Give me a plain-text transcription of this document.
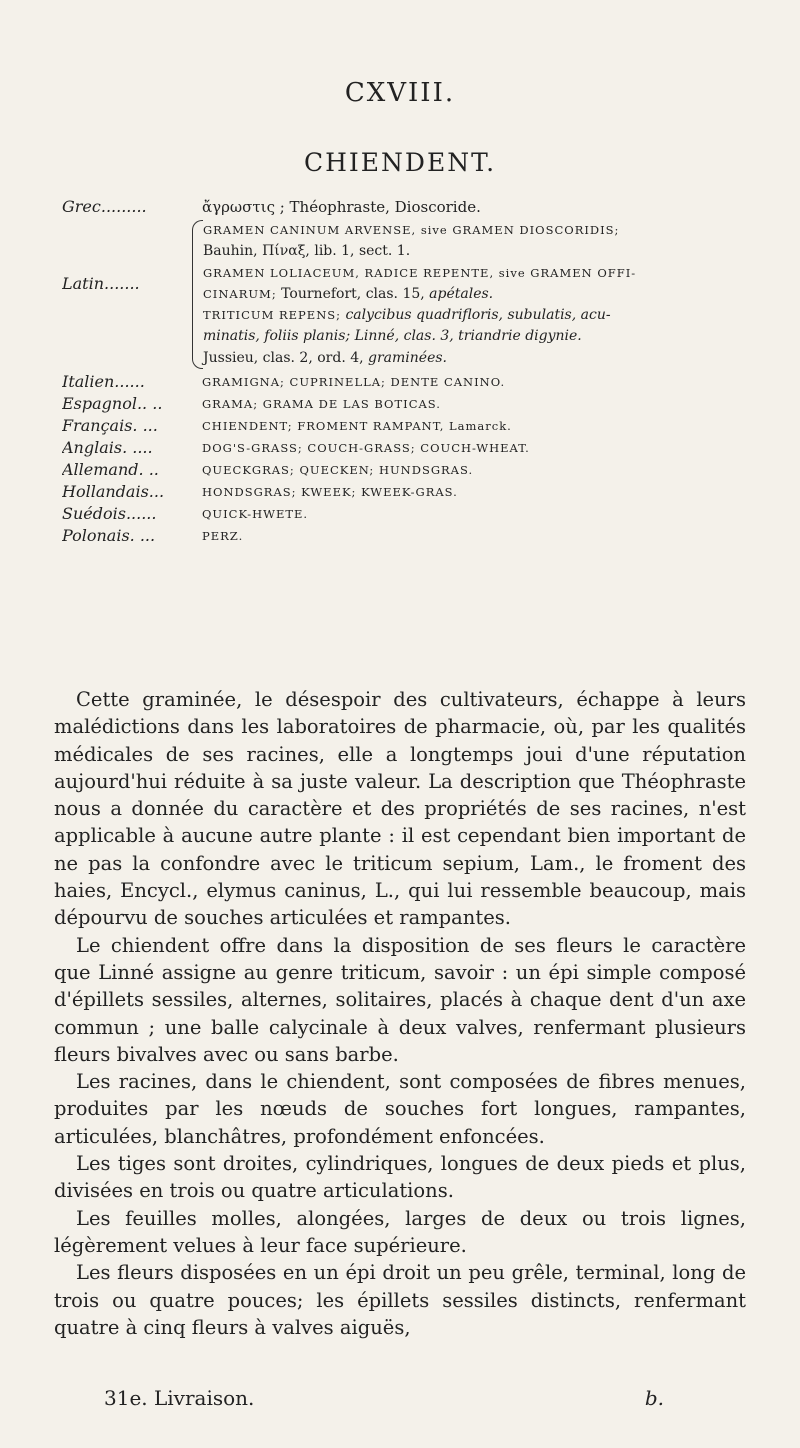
CXVIII.
CHIENDENT.
Grec.........	ἄγρωστις ; Théophraste, Dioscoride.
Latin.......
GRAMEN CANINUM ARVENSE, sive GRAMEN DIOSCORIDIS;
Bauhin, Πίναξ, lib. 1, sect. 1.
GRAMEN LOLIACEUM, RADICE REPENTE, sive GRAMEN OFFI-
CINARUM; Tournefort, clas. 15, apétales.
TRITICUM REPENS; calycibus quadrifloris, subulatis, acu-
minatis, foliis planis; Linné, clas. 3, triandrie digynie.
Jussieu, clas. 2, ord. 4, graminées.
Italien......	GRAMIGNA; CUPRINELLA; DENTE CANINO.
Espagnol.. ..	GRAMA; GRAMA DE LAS BOTICAS.
Français. ...	CHIENDENT; FROMENT RAMPANT, Lamarck.
Anglais. ....	DOG'S-GRASS; COUCH-GRASS; COUCH-WHEAT.
Allemand. ..	QUECKGRAS; QUECKEN; HUNDSGRAS.
Hollandais...	HONDSGRAS; KWEEK; KWEEK-GRAS.
Suédois......	QUICK-HWETE.
Polonais. ...	PERZ.

Cette graminée, le désespoir des cultivateurs, échappe à leurs malédictions dans les laboratoires de pharmacie, où, par les qualités médicales de ses racines, elle a longtemps joui d'une réputation aujourd'hui réduite à sa juste valeur. La description que Théophraste nous a donnée du caractère et des propriétés de ses racines, n'est applicable à aucune autre plante : il est cependant bien important de ne pas la confondre avec le triticum sepium, Lam., le froment des haies, Encycl., elymus caninus, L., qui lui ressemble beaucoup, mais dépourvu de souches articulées et rampantes.

Le chiendent offre dans la disposition de ses fleurs le caractère que Linné assigne au genre triticum, savoir : un épi simple composé d'épillets sessiles, alternes, solitaires, placés à chaque dent d'un axe commun ; une balle calycinale à deux valves, renfermant plusieurs fleurs bivalves avec ou sans barbe.

Les racines, dans le chiendent, sont composées de fibres menues, produites par les nœuds de souches fort longues, rampantes, articulées, blanchâtres, profondément enfoncées.

Les tiges sont droites, cylindriques, longues de deux pieds et plus, divisées en trois ou quatre articulations.

Les feuilles molles, alongées, larges de deux ou trois lignes, légèrement velues à leur face supérieure.

Les fleurs disposées en un épi droit un peu grêle, terminal, long de trois ou quatre pouces; les épillets sessiles distincts, renfermant quatre à cinq fleurs à valves aiguës,

31e. Livraison.	b.
